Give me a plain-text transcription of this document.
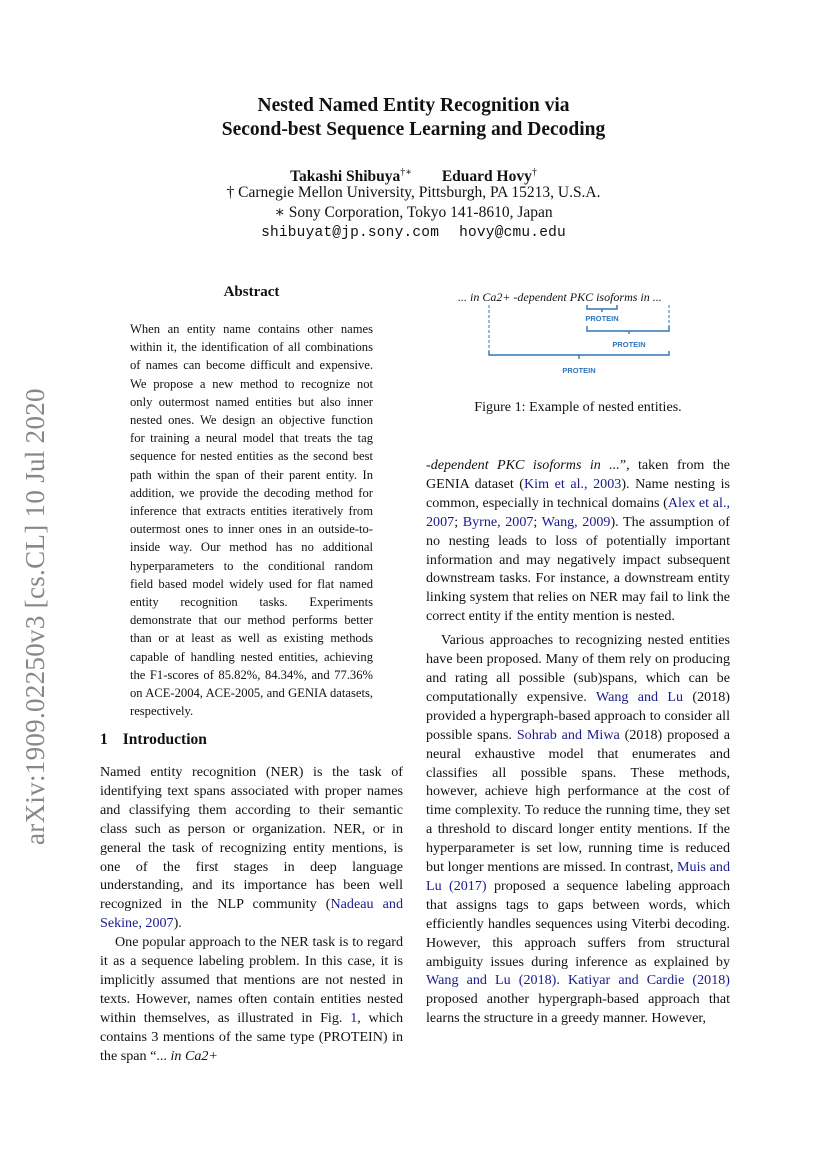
Nested Named Entity Recognition via
Second-best Sequence Learning and Decoding
Takashi Shibuya†∗ Eduard Hovy†
† Carnegie Mellon University, Pittsburgh, PA 15213, U.S.A.
∗ Sony Corporation, Tokyo 141-8610, Japan
shibuyat@jp.sony.com hovy@cmu.edu
arXiv:1909.02250v3 [cs.CL] 10 Jul 2020
Abstract
When an entity name contains other names within it, the identification of all combinations of names can become difficult and expensive. We propose a new method to recognize not only outermost named entities but also inner nested ones. We design an objective function for training a neural model that treats the tag sequence for nested entities as the second best path within the span of their parent entity. In addition, we provide the decoding method for inference that extracts entities iteratively from outermost ones to inner ones in an outside-to-inside way. Our method has no additional hyperparameters to the conditional random field based model widely used for flat named entity recognition tasks. Experiments demonstrate that our method performs better than or at least as well as existing methods capable of handling nested entities, achieving the F1-scores of 85.82%, 84.34%, and 77.36% on ACE-2004, ACE-2005, and GENIA datasets, respectively.
1 Introduction

Named entity recognition (NER) is the task of identifying text spans associated with proper names and classifying them according to their semantic class such as person or organization. NER, or in general the task of recognizing entity mentions, is one of the first stages in deep language understanding, and its importance has been well recognized in the NLP community (Nadeau and Sekine, 2007).

One popular approach to the NER task is to regard it as a sequence labeling problem. In this case, it is implicitly assumed that mentions are not nested in texts. However, names often contain entities nested within themselves, as illustrated in Fig. 1, which contains 3 mentions of the same type (PROTEIN) in the span “... in Ca2+

... in Ca2+ -dependent PKC isoforms in ...
PROTEIN
PROTEIN
PROTEIN
Figure 1: Example of nested entities.

-dependent PKC isoforms in ...”, taken from the GENIA dataset (Kim et al., 2003). Name nesting is common, especially in technical domains (Alex et al., 2007; Byrne, 2007; Wang, 2009). The assumption of no nesting leads to loss of potentially important information and may negatively impact subsequent downstream tasks. For instance, a downstream entity linking system that relies on NER may fail to link the correct entity if the entity mention is nested.

Various approaches to recognizing nested entities have been proposed. Many of them rely on producing and rating all possible (sub)spans, which can be computationally expensive. Wang and Lu (2018) provided a hypergraph-based approach to consider all possible spans. Sohrab and Miwa (2018) proposed a neural exhaustive model that enumerates and classifies all possible spans. These methods, however, achieve high performance at the cost of time complexity. To reduce the running time, they set a threshold to discard longer entity mentions. If the hyperparameter is set low, running time is reduced but longer mentions are missed. In contrast, Muis and Lu (2017) proposed a sequence labeling approach that assigns tags to gaps between words, which efficiently handles sequences using Viterbi decoding. However, this approach suffers from structural ambiguity issues during inference as explained by Wang and Lu (2018). Katiyar and Cardie (2018) proposed another hypergraph-based approach that learns the structure in a greedy manner. However,
